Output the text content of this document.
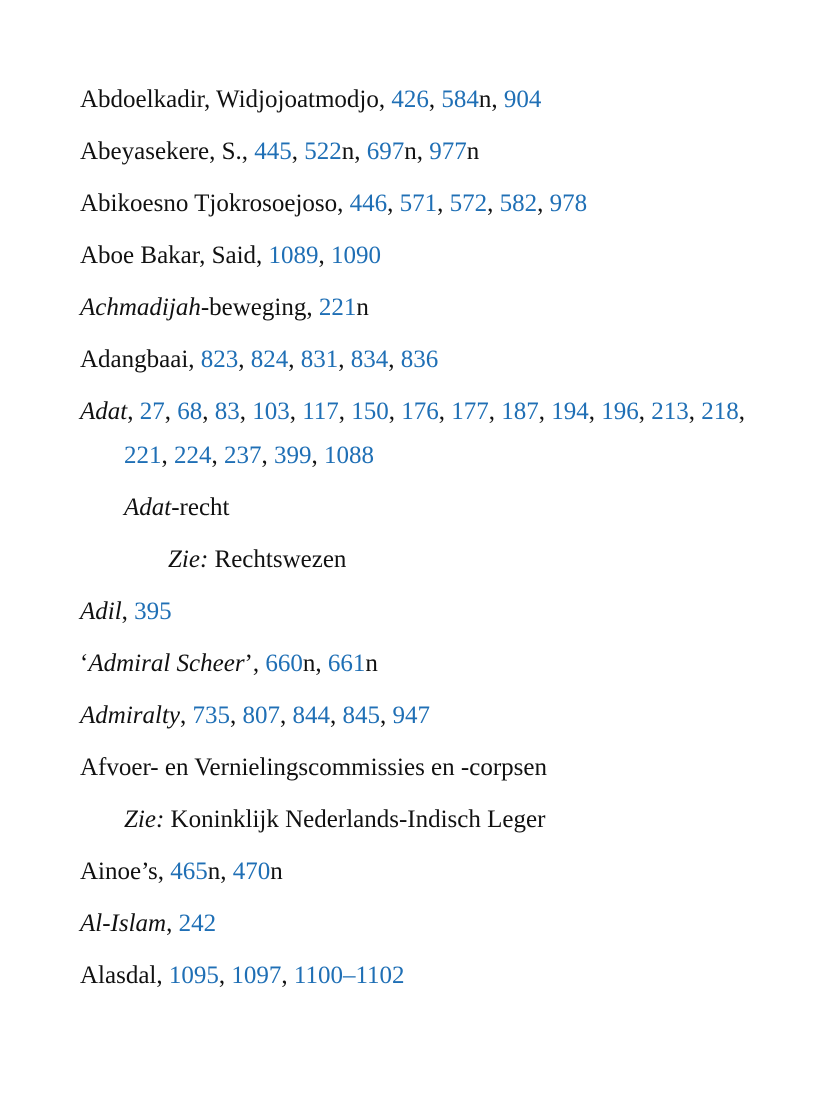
Abdoelkadir, Widjojoatmodjo, 426, 584n, 904

Abeyasekere, S., 445, 522n, 697n, 977n

Abikoesno Tjokrosoejoso, 446, 571, 572, 582, 978

Aboe Bakar, Said, 1089, 1090

Achmadijah-beweging, 221n

Adangbaai, 823, 824, 831, 834, 836

Adat, 27, 68, 83, 103, 117, 150, 176, 177, 187, 194, 196, 213, 218, 221, 224, 237, 399, 1088

Adat-recht

Zie: Rechtswezen

Adil, 395

‘Admiral Scheer’, 660n, 661n

Admiralty, 735, 807, 844, 845, 947

Afvoer- en Vernielingscommissies en -corpsen

Zie: Koninklijk Nederlands-Indisch Leger

Ainoe’s, 465n, 470n

Al-Islam, 242

Alasdal, 1095, 1097, 1100–1102
